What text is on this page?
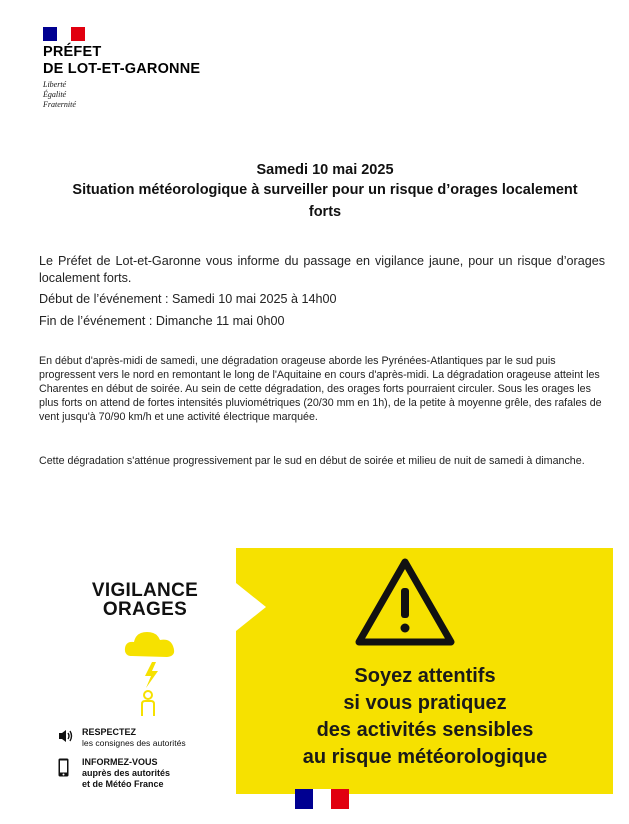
PRÉFET
DE LOT-ET-GARONNE
Liberté
Égalité
Fraternité
Samedi 10 mai 2025
Situation météorologique à surveiller pour un risque d’orages localement
forts
Le Préfet de Lot-et-Garonne vous informe du passage en vigilance jaune, pour un risque d’orages localement forts.
Début de l’événement : Samedi 10 mai 2025 à 14h00
Fin de l’événement : Dimanche 11 mai 0h00
En début d'après-midi de samedi, une dégradation orageuse aborde les Pyrénées-Atlantiques par le sud puis progressent vers le nord en remontant le long de l'Aquitaine en cours d'après-midi. La dégradation orageuse atteint les Charentes en début de soirée. Au sein de cette dégradation, des orages forts pourraient circuler. Sous les orages les plus forts on attend de fortes intensités pluviométriques (20/30 mm en 1h), de la petite à moyenne grêle, des rafales de vent jusqu'à 70/90 km/h et une activité électrique marquée.
Cette dégradation s'atténue progressivement par le sud en début de soirée et milieu de nuit de samedi à dimanche.
VIGILANCE
ORAGES
RESPECTEZ
les consignes des autorités
INFORMEZ-VOUS
auprès des autorités
et de Météo France
Soyez attentifs
si vous pratiquez
des activités sensibles
au risque météorologique
